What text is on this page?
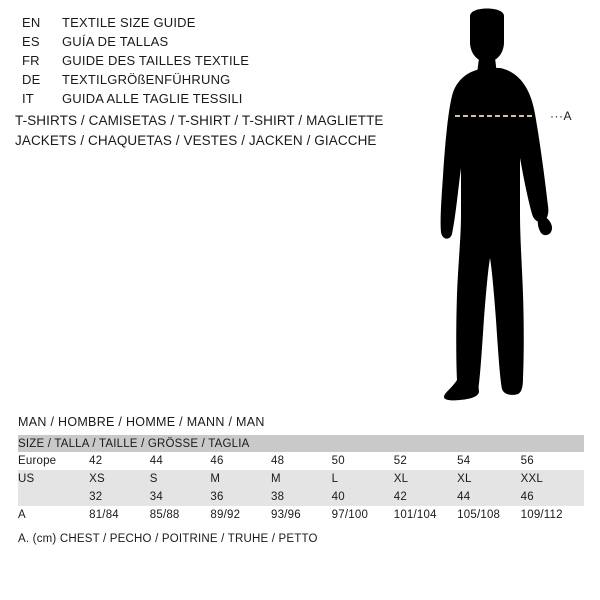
EN	TEXTILE SIZE GUIDE
ES	GUÍA DE TALLAS
FR	GUIDE DES TAILLES TEXTILE
DE	TEXTILGRÖßENFÜHRUNG
IT	GUIDA ALLE TAGLIE TESSILI
T-SHIRTS / CAMISETAS / T-SHIRT / T-SHIRT / MAGLIETTE
JACKETS / CHAQUETAS / VESTES / JACKEN / GIACCHE
···A
MAN / HOMBRE / HOMME / MANN / MAN
SIZE / TALLA / TAILLE / GRÖSSE / TAGLIA								
Europe	42	44	46	48	50	52	54	56
US	XS	S	M	M	L	XL	XL	XXL
	32	34	36	38	40	42	44	46
A	81/84	85/88	89/92	93/96	97/100	101/104	105/108	109/112
A. (cm) CHEST / PECHO / POITRINE / TRUHE / PETTO
